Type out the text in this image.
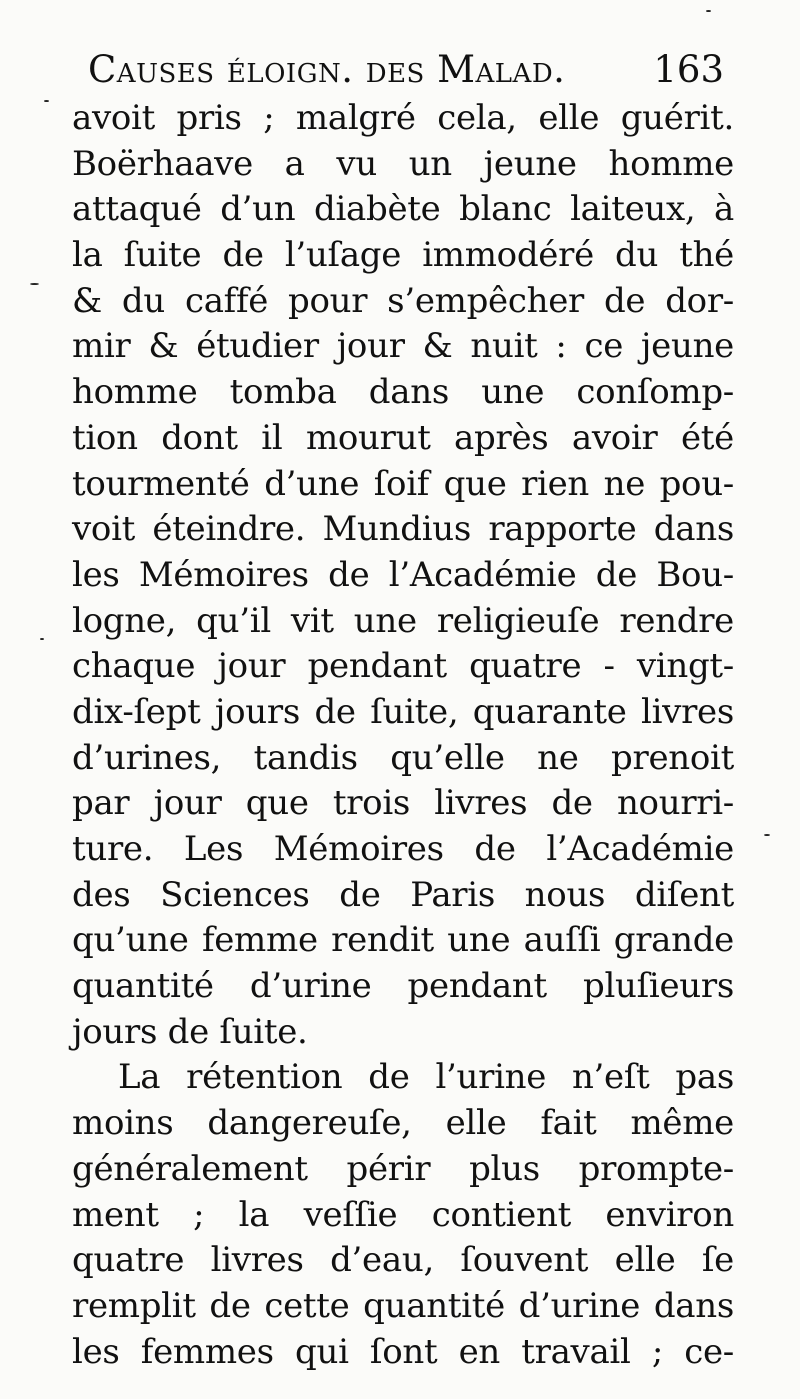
Causes éloign. des Malad. 163
avoit pris ; malgré cela, elle guérit.
Boërhaave a vu un jeune homme
attaqué d’un diabète blanc laiteux, à
la ſuite de l’uſage immodéré du thé
& du caffé pour s’empêcher de dor-
mir & étudier jour & nuit : ce jeune
homme tomba dans une conſomp-
tion dont il mourut après avoir été
tourmenté d’une ſoif que rien ne pou-
voit éteindre. Mundius rapporte dans
les Mémoires de l’Académie de Bou-
logne, qu’il vit une religieuſe rendre
chaque jour pendant quatre - vingt-
dix-ſept jours de ſuite, quarante livres
d’urines, tandis qu’elle ne prenoit
par jour que trois livres de nourri-
ture. Les Mémoires de l’Académie
des Sciences de Paris nous diſent
qu’une femme rendit une auſſi grande
quantité d’urine pendant pluſieurs
jours de ſuite.
La rétention de l’urine n’eſt pas
moins dangereuſe, elle fait même
généralement périr plus prompte-
ment ; la veſſie contient environ
quatre livres d’eau, ſouvent elle ſe
remplit de cette quantité d’urine dans
les femmes qui ſont en travail ; ce-
